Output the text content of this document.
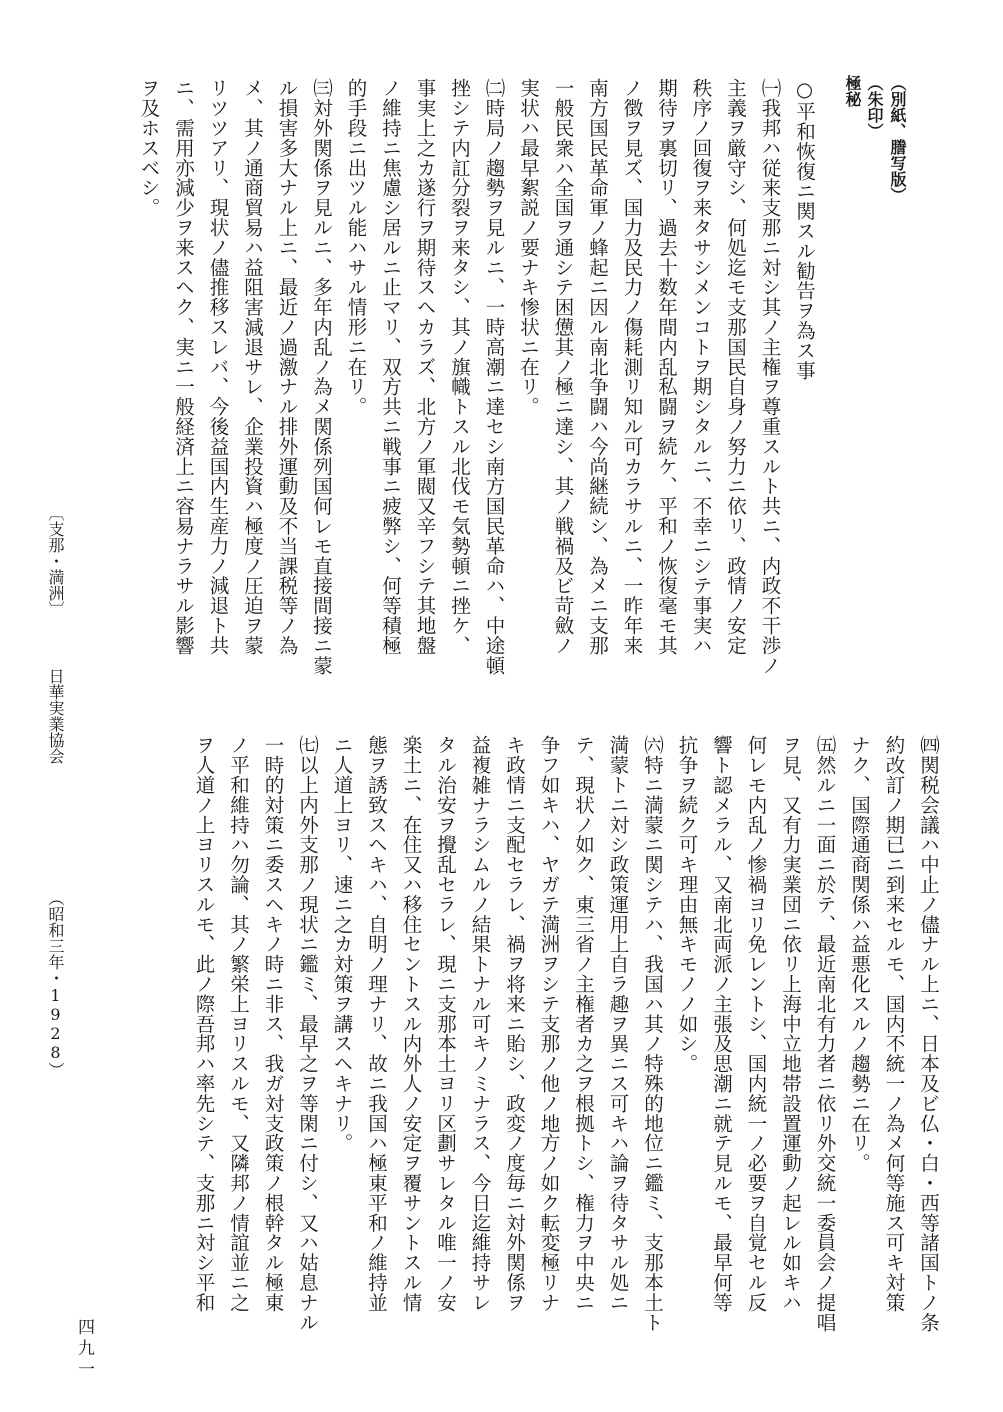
（別紙、謄写版）
（朱印）
極秘
○平和恢復ニ関スル勧告ヲ為ス事
㈠我邦ハ従来支那ニ対シ其ノ主権ヲ尊重スルト共ニ、内政不干渉ノ
主義ヲ厳守シ、何処迄モ支那国民自身ノ努力ニ依リ、政情ノ安定
秩序ノ回復ヲ来タサシメンコトヲ期シタルニ、不幸ニシテ事実ハ
期待ヲ裏切リ、過去十数年間内乱私闘ヲ続ケ、平和ノ恢復毫モ其
ノ徴ヲ見ズ、国力及民力ノ傷耗測リ知ル可カラサルニ、一昨年来
南方国民革命軍ノ蜂起ニ因ル南北争闘ハ今尚継続シ、為メニ支那
一般民衆ハ全国ヲ通シテ困憊其ノ極ニ達シ、其ノ戦禍及ビ苛斂ノ
実状ハ最早絮説ノ要ナキ惨状ニ在リ。
㈡時局ノ趨勢ヲ見ルニ、一時高潮ニ達セシ南方国民革命ハ、中途頓
挫シテ内訌分裂ヲ来タシ、其ノ旗幟トスル北伐モ気勢頓ニ挫ケ、
事実上之カ遂行ヲ期待スヘカラズ、北方ノ軍閥又辛フシテ其地盤
ノ維持ニ焦慮シ居ルニ止マリ、双方共ニ戦事ニ疲弊シ、何等積極
的手段ニ出ツル能ハサル情形ニ在リ。
㈢対外関係ヲ見ルニ、多年内乱ノ為メ関係列国何レモ直接間接ニ蒙
ル損害多大ナル上ニ、最近ノ過激ナル排外運動及不当課税等ノ為
メ、其ノ通商貿易ハ益阻害減退サレ、企業投資ハ極度ノ圧迫ヲ蒙
リツツアリ、現状ノ儘推移スレバ、今後益国内生産力ノ減退ト共
ニ、需用亦減少ヲ来スヘク、実ニ一般経済上ニ容易ナラサル影響
ヲ及ホスベシ。
㈣関税会議ハ中止ノ儘ナル上ニ、日本及ビ仏・白・西等諸国トノ条
約改訂ノ期已ニ到来セルモ、国内不統一ノ為メ何等施ス可キ対策
ナク、国際通商関係ハ益悪化スルノ趨勢ニ在リ。
㈤然ルニ一面ニ於テ、最近南北有力者ニ依リ外交統一委員会ノ提唱
ヲ見、又有力実業団ニ依リ上海中立地帯設置運動ノ起レル如キハ
何レモ内乱ノ惨禍ヨリ免レントシ、国内統一ノ必要ヲ自覚セル反
響ト認メラル、又南北両派ノ主張及思潮ニ就テ見ルモ、最早何等
抗争ヲ続ク可キ理由無キモノノ如シ。
㈥特ニ満蒙ニ関シテハ、我国ハ其ノ特殊的地位ニ鑑ミ、支那本土ト
満蒙トニ対シ政策運用上自ラ趣ヲ異ニス可キハ論ヲ待タサル処ニ
テ、現状ノ如ク、東三省ノ主権者カ之ヲ根拠トシ、権力ヲ中央ニ
争フ如キハ、ヤガテ満洲ヲシテ支那ノ他ノ地方ノ如ク転変極リナ
キ政情ニ支配セラレ、禍ヲ将来ニ貽シ、政変ノ度毎ニ対外関係ヲ
益複雑ナラシムルノ結果トナル可キノミナラス、今日迄維持サレ
タル治安ヲ攪乱セラレ、現ニ支那本土ヨリ区劃サレタル唯一ノ安
楽土ニ、在住又ハ移住セントスル内外人ノ安定ヲ覆サントスル情
態ヲ誘致スヘキハ、自明ノ理ナリ、故ニ我国ハ極東平和ノ維持並
ニ人道上ヨリ、速ニ之カ対策ヲ講スヘキナリ。
㈦以上内外支那ノ現状ニ鑑ミ、最早之ヲ等閑ニ付シ、又ハ姑息ナル
一時的対策ニ委スヘキノ時ニ非ス、我ガ対支政策ノ根幹タル極東
ノ平和維持ハ勿論、其ノ繁栄上ヨリスルモ、又隣邦ノ情誼並ニ之
ヲ人道ノ上ヨリスルモ、此ノ際吾邦ハ率先シテ、支那ニ対シ平和
〔支那・満洲〕
日華実業協会
（昭和三年・1928）
四九一
